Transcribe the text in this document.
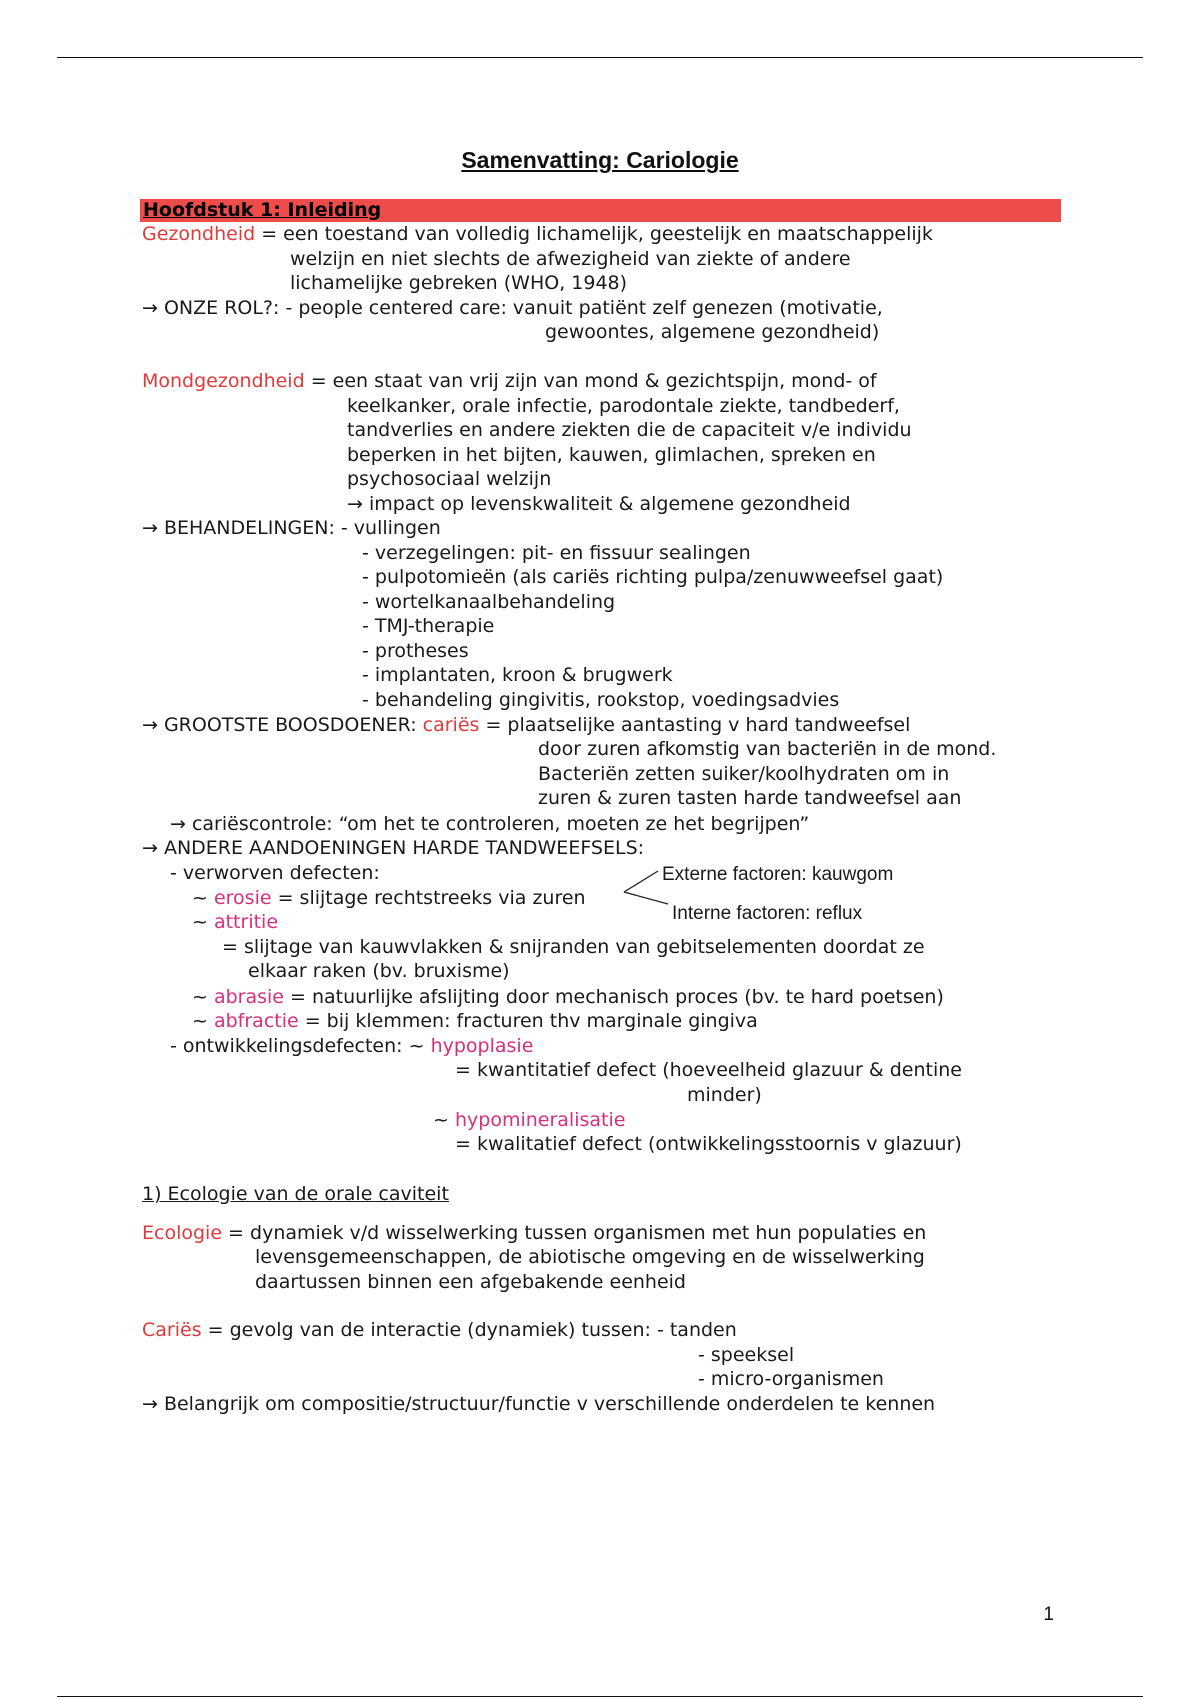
Samenvatting: Cariologie
Hoofdstuk 1: Inleiding
Gezondheid = een toestand van volledig lichamelijk, geestelijk en maatschappelijk
welzijn en niet slechts de afwezigheid van ziekte of andere
lichamelijke gebreken (WHO, 1948)
→ ONZE ROL?: - people centered care: vanuit patiënt zelf genezen (motivatie,
gewoontes, algemene gezondheid)
Mondgezondheid = een staat van vrij zijn van mond & gezichtspijn, mond- of
keelkanker, orale infectie, parodontale ziekte, tandbederf,
tandverlies en andere ziekten die de capaciteit v/e individu
beperken in het bijten, kauwen, glimlachen, spreken en
psychosociaal welzijn
→ impact op levenskwaliteit & algemene gezondheid
→ BEHANDELINGEN: - vullingen
- verzegelingen: pit- en fissuur sealingen
- pulpotomieën (als cariës richting pulpa/zenuwweefsel gaat)
- wortelkanaalbehandeling
- TMJ-therapie
- protheses
- implantaten, kroon & brugwerk
- behandeling gingivitis, rookstop, voedingsadvies
→ GROOTSTE BOOSDOENER: cariës = plaatselijke aantasting v hard tandweefsel
door zuren afkomstig van bacteriën in de mond.
Bacteriën zetten suiker/koolhydraten om in
zuren & zuren tasten harde tandweefsel aan
→ cariëscontrole: “om het te controleren, moeten ze het begrijpen”
→ ANDERE AANDOENINGEN HARDE TANDWEEFSELS:
- verworven defecten:
~ erosie = slijtage rechtstreeks via zuren
Externe factoren: kauwgom
Interne factoren: reflux
~ attritie
= slijtage van kauwvlakken & snijranden van gebitselementen doordat ze
elkaar raken (bv. bruxisme)
~ abrasie = natuurlijke afslijting door mechanisch proces (bv. te hard poetsen)
~ abfractie = bij klemmen: fracturen thv marginale gingiva
- ontwikkelingsdefecten: ~ hypoplasie
= kwantitatief defect (hoeveelheid glazuur & dentine
minder)
~ hypomineralisatie
= kwalitatief defect (ontwikkelingsstoornis v glazuur)
1) Ecologie van de orale caviteit
Ecologie = dynamiek v/d wisselwerking tussen organismen met hun populaties en
levensgemeenschappen, de abiotische omgeving en de wisselwerking
daartussen binnen een afgebakende eenheid
Cariës = gevolg van de interactie (dynamiek) tussen: - tanden
- speeksel
- micro-organismen
→ Belangrijk om compositie/structuur/functie v verschillende onderdelen te kennen
1
